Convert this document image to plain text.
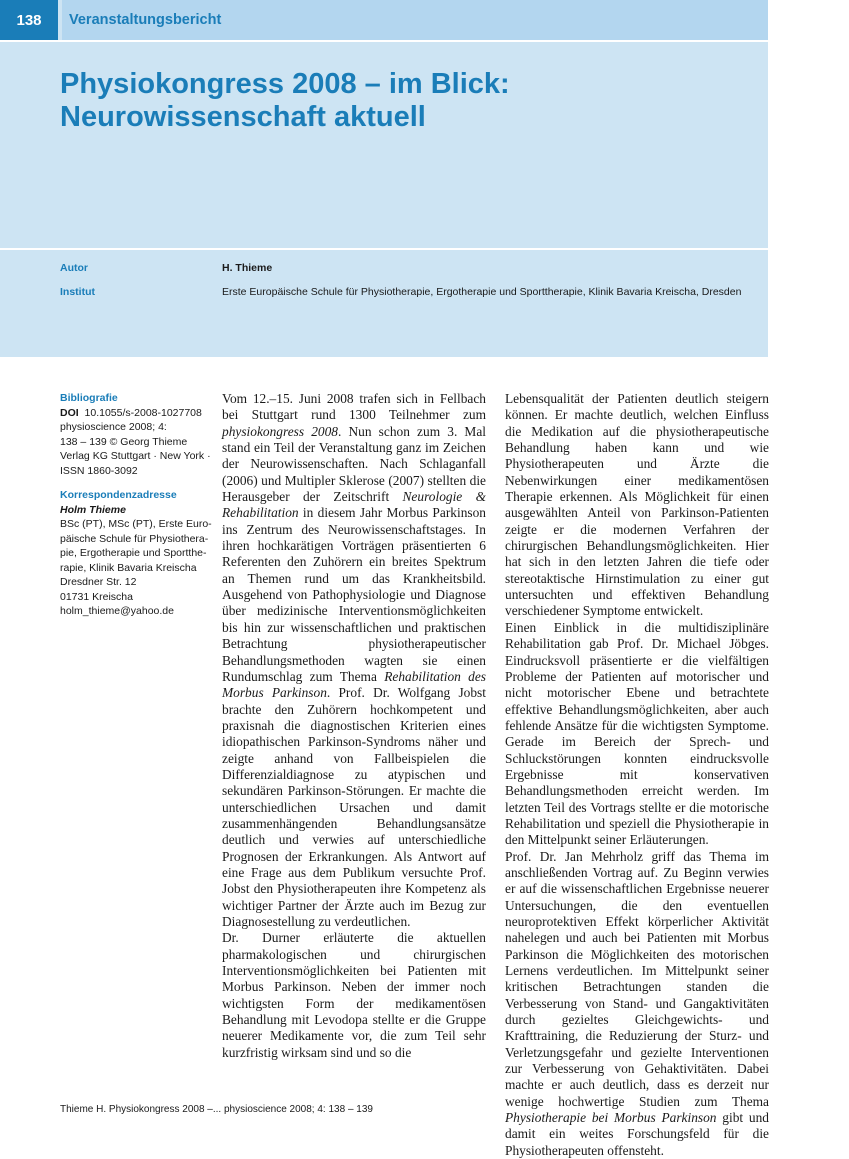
138	Veranstaltungsbericht
Physiokongress 2008 – im Blick: Neurowissenschaft aktuell
Autor	H. Thieme
Institut	Erste Europäische Schule für Physiotherapie, Ergotherapie und Sporttherapie, Klinik Bavaria Kreischa, Dresden
Bibliografie
DOI 10.1055/s-2008-1027708
physioscience 2008; 4:
138 – 139 © Georg Thieme
Verlag KG Stuttgart · New York ·
ISSN 1860-3092
Korrespondenzadresse
Holm Thieme
BSc (PT), MSc (PT), Erste Euro-
päische Schule für Physiothera-
pie, Ergotherapie und Sportthe-
rapie, Klinik Bavaria Kreischa
Dresdner Str. 12
01731 Kreischa
holm_thieme@yahoo.de

Vom 12.–15. Juni 2008 trafen sich in Fellbach bei Stuttgart rund 1300 Teilnehmer zum physiokongress 2008. Nun schon zum 3. Mal stand ein Teil der Veranstaltung ganz im Zeichen der Neurowissenschaften. Nach Schlaganfall (2006) und Multipler Sklerose (2007) stellten die Herausgeber der Zeitschrift Neurologie & Rehabilitation in diesem Jahr Morbus Parkinson ins Zentrum des Neurowissenschaftstages. In ihren hochkarätigen Vorträgen präsentierten 6 Referenten den Zuhörern ein breites Spektrum an Themen rund um das Krankheitsbild. Ausgehend von Pathophysiologie und Diagnose über medizinische Interventionsmöglichkeiten bis hin zur wissenschaftlichen und praktischen Betrachtung physiotherapeutischer Behandlungsmethoden wagten sie einen Rundumschlag zum Thema Rehabilitation des Morbus Parkinson. Prof. Dr. Wolfgang Jobst brachte den Zuhörern hochkompetent und praxisnah die diagnostischen Kriterien eines idiopathischen Parkinson-Syndroms näher und zeigte anhand von Fallbeispielen die Differenzialdiagnose zu atypischen und sekundären Parkinson-Störungen. Er machte die unterschiedlichen Ursachen und damit zusammenhängenden Behandlungsansätze deutlich und verwies auf unterschiedliche Prognosen der Erkrankungen. Als Antwort auf eine Frage aus dem Publikum versuchte Prof. Jobst den Physiotherapeuten ihre Kompetenz als wichtiger Partner der Ärzte auch im Bezug zur Diagnosestellung zu verdeutlichen.

Dr. Durner erläuterte die aktuellen pharmakologischen und chirurgischen Interventionsmöglichkeiten bei Patienten mit Morbus Parkinson. Neben der immer noch wichtigsten Form der medikamentösen Behandlung mit Levodopa stellte er die Gruppe neuerer Medikamente vor, die zum Teil sehr kurzfristig wirksam sind und so die

Lebensqualität der Patienten deutlich steigern können. Er machte deutlich, welchen Einfluss die Medikation auf die physiotherapeutische Behandlung haben kann und wie Physiotherapeuten und Ärzte die Nebenwirkungen einer medikamentösen Therapie erkennen. Als Möglichkeit für einen ausgewählten Anteil von Parkinson-Patienten zeigte er die modernen Verfahren der chirurgischen Behandlungsmöglichkeiten. Hier hat sich in den letzten Jahren die tiefe oder stereotaktische Hirnstimulation zu einer gut untersuchten und effektiven Behandlung verschiedener Symptome entwickelt.

Einen Einblick in die multidisziplinäre Rehabilitation gab Prof. Dr. Michael Jöbges. Eindrucksvoll präsentierte er die vielfältigen Probleme der Patienten auf motorischer und nicht motorischer Ebene und betrachtete effektive Behandlungsmöglichkeiten, aber auch fehlende Ansätze für die wichtigsten Symptome. Gerade im Bereich der Sprech- und Schluckstörungen konnten eindrucksvolle Ergebnisse mit konservativen Behandlungsmethoden erreicht werden. Im letzten Teil des Vortrags stellte er die motorische Rehabilitation und speziell die Physiotherapie in den Mittelpunkt seiner Erläuterungen.

Prof. Dr. Jan Mehrholz griff das Thema im anschließenden Vortrag auf. Zu Beginn verwies er auf die wissenschaftlichen Ergebnisse neuerer Untersuchungen, die den eventuellen neuroprotektiven Effekt körperlicher Aktivität nahelegen und auch bei Patienten mit Morbus Parkinson die Möglichkeiten des motorischen Lernens verdeutlichen. Im Mittelpunkt seiner kritischen Betrachtungen standen die Verbesserung von Stand- und Gangaktivitäten durch gezieltes Gleichgewichts- und Krafttraining, die Reduzierung der Sturz- und Verletzungsgefahr und gezielte Interventionen zur Verbesserung von Gehaktivitäten. Dabei machte er auch deutlich, dass es derzeit nur wenige hochwertige Studien zum Thema Physiotherapie bei Morbus Parkinson gibt und damit ein weites Forschungsfeld für die Physiotherapeuten offensteht.

Thieme H. Physiokongress 2008 –... physioscience 2008; 4: 138 – 139
